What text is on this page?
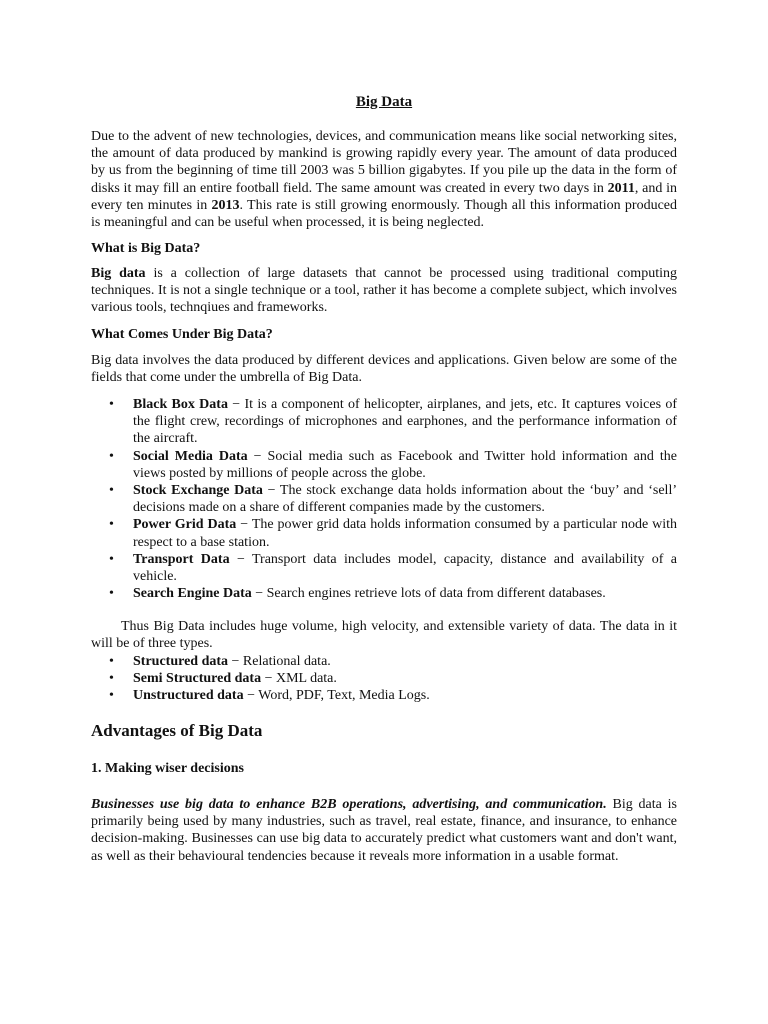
Big Data

Due to the advent of new technologies, devices, and communication means like social networking sites, the amount of data produced by mankind is growing rapidly every year. The amount of data produced by us from the beginning of time till 2003 was 5 billion gigabytes. If you pile up the data in the form of disks it may fill an entire football field. The same amount was created in every two days in 2011, and in every ten minutes in 2013. This rate is still growing enormously. Though all this information produced is meaningful and can be useful when processed, it is being neglected.

What is Big Data?

Big data is a collection of large datasets that cannot be processed using traditional computing techniques. It is not a single technique or a tool, rather it has become a complete subject, which involves various tools, technqiues and frameworks.

What Comes Under Big Data?

Big data involves the data produced by different devices and applications. Given below are some of the fields that come under the umbrella of Big Data.

• Black Box Data − It is a component of helicopter, airplanes, and jets, etc. It captures voices of the flight crew, recordings of microphones and earphones, and the performance information of the aircraft.
• Social Media Data − Social media such as Facebook and Twitter hold information and the views posted by millions of people across the globe.
• Stock Exchange Data − The stock exchange data holds information about the ‘buy’ and ‘sell’ decisions made on a share of different companies made by the customers.
• Power Grid Data − The power grid data holds information consumed by a particular node with respect to a base station.
• Transport Data − Transport data includes model, capacity, distance and availability of a vehicle.
• Search Engine Data − Search engines retrieve lots of data from different databases.

Thus Big Data includes huge volume, high velocity, and extensible variety of data. The data in it will be of three types.

• Structured data − Relational data.
• Semi Structured data − XML data.
• Unstructured data − Word, PDF, Text, Media Logs.
Advantages of Big Data
1. Making wiser decisions

Businesses use big data to enhance B2B operations, advertising, and communication. Big data is primarily being used by many industries, such as travel, real estate, finance, and insurance, to enhance decision-making. Businesses can use big data to accurately predict what customers want and don't want, as well as their behavioural tendencies because it reveals more information in a usable format.
